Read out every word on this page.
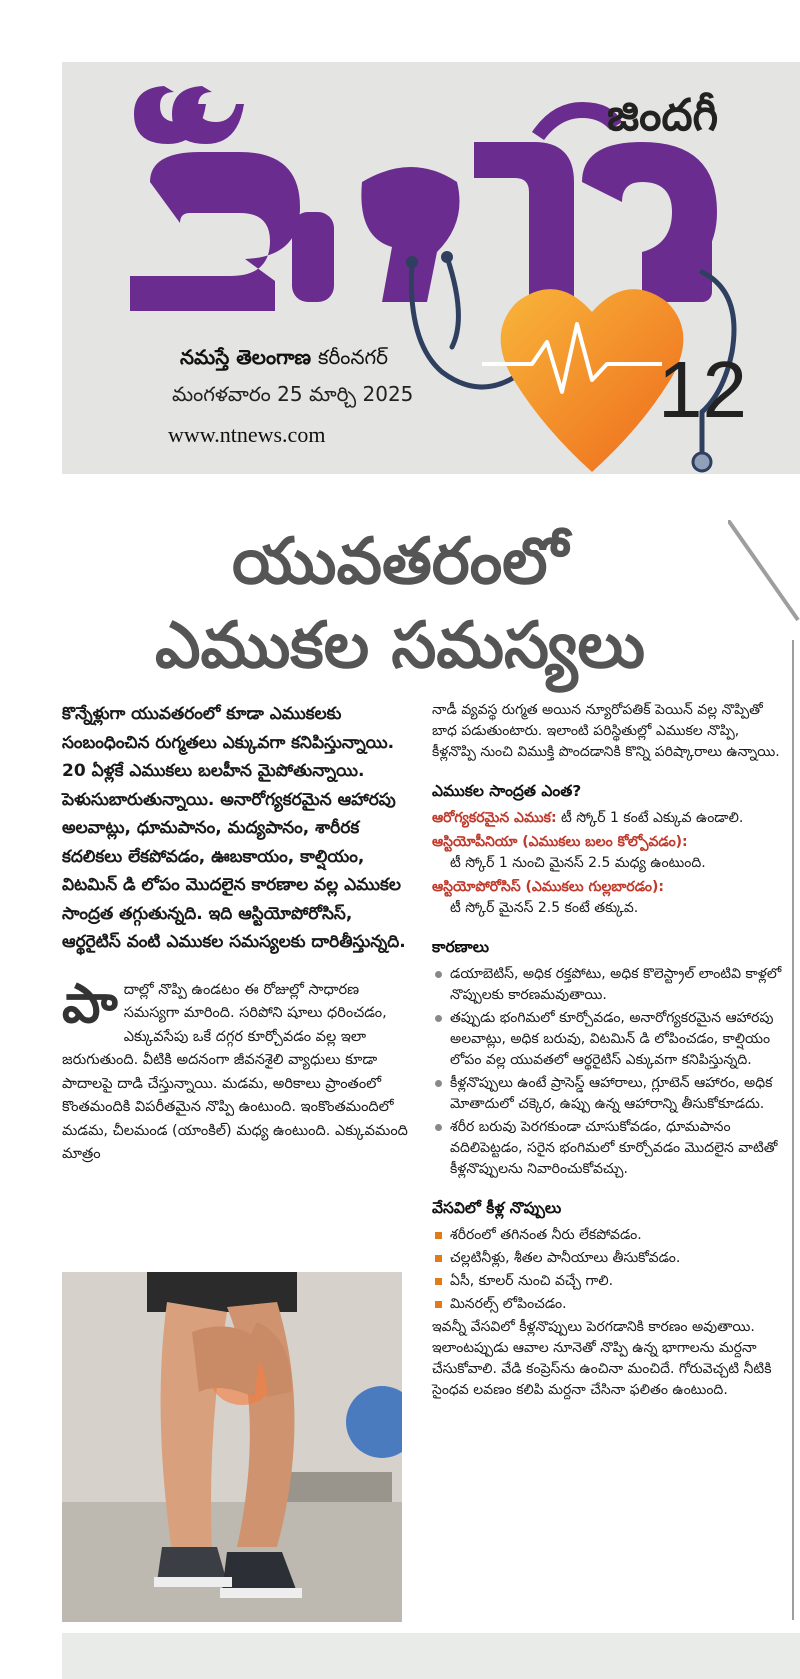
జిందగీ
నమస్తే తెలంగాణ కరీంనగర్
మంగళవారం 25 మార్చి 2025
www.ntnews.com
12
యువతరంలో
ఎముకల సమస్యలు

కొన్నేళ్లుగా యువతరంలో కూడా ఎముకలకు సంబంధించిన రుగ్మతలు ఎక్కువగా కనిపిస్తున్నాయి. 20 ఏళ్లకే ఎముకలు బలహీన మైపోతున్నాయి. పెళుసుబారుతున్నాయి. అనారోగ్యకరమైన ఆహారపు అలవాట్లు, ధూమపానం, మద్యపానం, శారీరక కదలికలు లేకపోవడం, ఊబకాయం, కాల్షియం, విటమిన్ డి లోపం మొదలైన కారణాల వల్ల ఎముకల సాంద్రత తగ్గుతున్నది. ఇది ఆస్టియోపోరోసిస్, ఆర్థరైటిస్ వంటి ఎముకల సమస్యలకు దారితీస్తున్నది.

పా దాల్లో నొప్పి ఉండటం ఈ రోజుల్లో సాధారణ సమస్యగా మారింది. సరిపోని షూలు ధరించడం, ఎక్కువసేపు ఒకే దగ్గర కూర్చోవడం వల్ల ఇలా జరుగుతుంది. వీటికి అదనంగా జీవనశైలి వ్యాధులు కూడా పాదాలపై దాడి చేస్తున్నాయి. మడమ, అరికాలు ప్రాంతంలో కొంతమందికి విపరీతమైన నొప్పి ఉంటుంది. ఇంకొంతమందిలో మడమ, చీలమండ (యాంకిల్) మధ్య ఉంటుంది. ఎక్కువమంది మాత్రం

నాడీ వ్యవస్థ రుగ్మత అయిన న్యూరోపతిక్ పెయిన్ వల్ల నొప్పితో బాధ పడుతుంటారు. ఇలాంటి పరిస్థితుల్లో ఎముకల నొప్పి, కీళ్లనొప్పి నుంచి విముక్తి పొందడానికి కొన్ని పరిష్కారాలు ఉన్నాయి.

ఎముకల సాంద్రత ఎంత?
ఆరోగ్యకరమైన ఎముక: టీ స్కోర్ 1 కంటే ఎక్కువ ఉండాలి.
ఆస్టియోపీనియా (ఎముకలు బలం కోల్పోవడం):
టీ స్కోర్ 1 నుంచి మైనస్ 2.5 మధ్య ఉంటుంది.
ఆస్టియోపోరోసిస్ (ఎముకలు గుల్లబారడం):
టీ స్కోర్ మైనస్ 2.5 కంటే తక్కువ.
కారణాలు
డయాబెటిస్, అధిక రక్తపోటు, అధిక కొలెస్ట్రాల్ లాంటివి కాళ్లలో నొప్పులకు కారణమవుతాయి.
తప్పుడు భంగిమలో కూర్చోవడం, అనారోగ్యకరమైన ఆహారపు అలవాట్లు, అధిక బరువు, విటమిన్ డి లోపించడం, కాల్షియం లోపం వల్ల యువతలో ఆర్థరైటిస్ ఎక్కువగా కనిపిస్తున్నది.
కీళ్లనొప్పులు ఉంటే ప్రాసెస్డ్ ఆహారాలు, గ్లూటెన్ ఆహారం, అధిక మోతాదులో చక్కెర, ఉప్పు ఉన్న ఆహారాన్ని తీసుకోకూడదు.
శరీర బరువు పెరగకుండా చూసుకోవడం, ధూమపానం వదిలిపెట్టడం, సరైన భంగిమలో కూర్చోవడం మొదలైన వాటితో కీళ్లనొప్పులను నివారించుకోవచ్చు.
వేసవిలో కీళ్ల నొప్పులు
శరీరంలో తగినంత నీరు లేకపోవడం.
చల్లటినీళ్లు, శీతల పానీయాలు తీసుకోవడం.
ఏసీ, కూలర్ నుంచి వచ్చే గాలి.
మినరల్స్ లోపించడం.

ఇవన్నీ వేసవిలో కీళ్లనొప్పులు పెరగడానికి కారణం అవుతాయి. ఇలాంటప్పుడు ఆవాల నూనెతో నొప్పి ఉన్న భాగాలను మర్దనా చేసుకోవాలి. వేడి కంప్రెస్‌ను ఉంచినా మంచిదే. గోరువెచ్చటి నీటికి సైంధవ లవణం కలిపి మర్దనా చేసినా ఫలితం ఉంటుంది.
